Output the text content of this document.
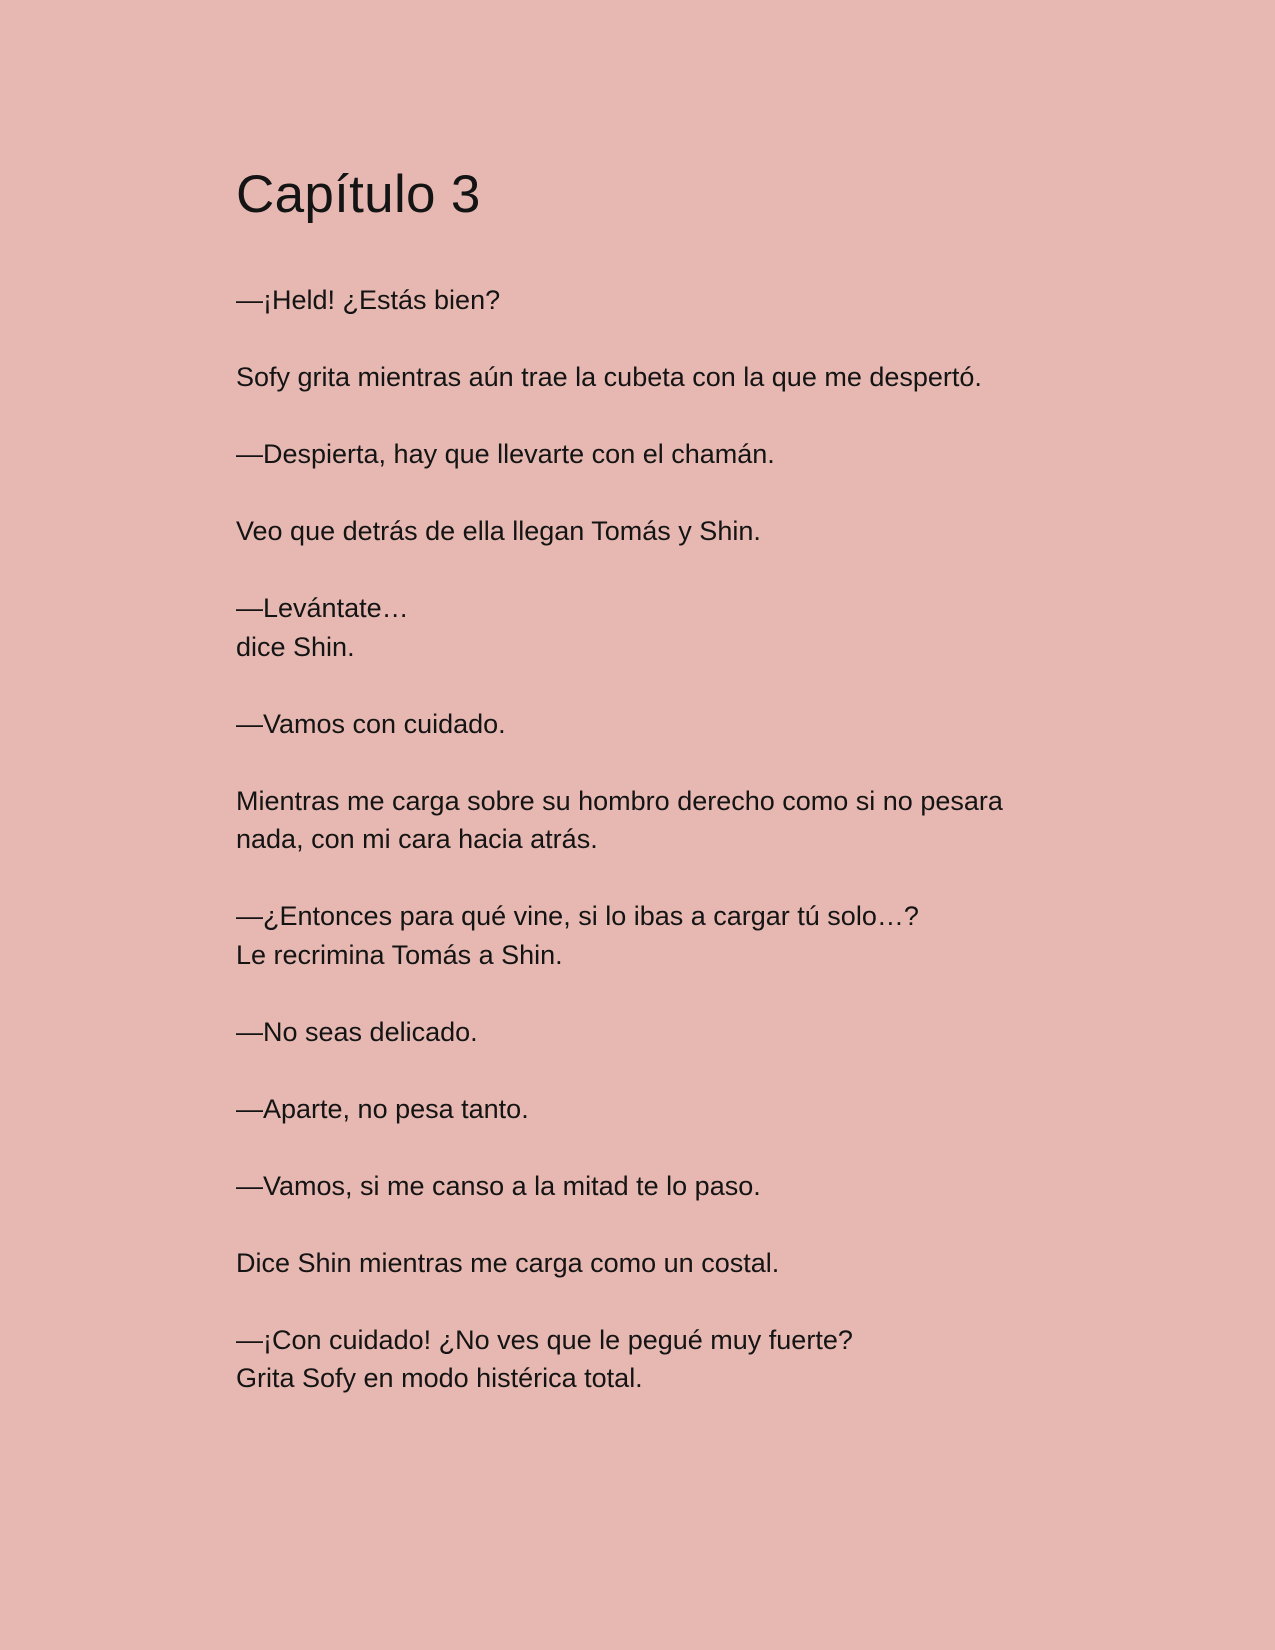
Capítulo 3

—¡Held! ¿Estás bien?

Sofy grita mientras aún trae la cubeta con la que me despertó.

—Despierta, hay que llevarte con el chamán.

Veo que detrás de ella llegan Tomás y Shin.

—Levántate…
dice Shin.

—Vamos con cuidado.

Mientras me carga sobre su hombro derecho como si no pesara
nada, con mi cara hacia atrás.

—¿Entonces para qué vine, si lo ibas a cargar tú solo…?
Le recrimina Tomás a Shin.

—No seas delicado.

—Aparte, no pesa tanto.

—Vamos, si me canso a la mitad te lo paso.

Dice Shin mientras me carga como un costal.

—¡Con cuidado! ¿No ves que le pegué muy fuerte?
Grita Sofy en modo histérica total.
